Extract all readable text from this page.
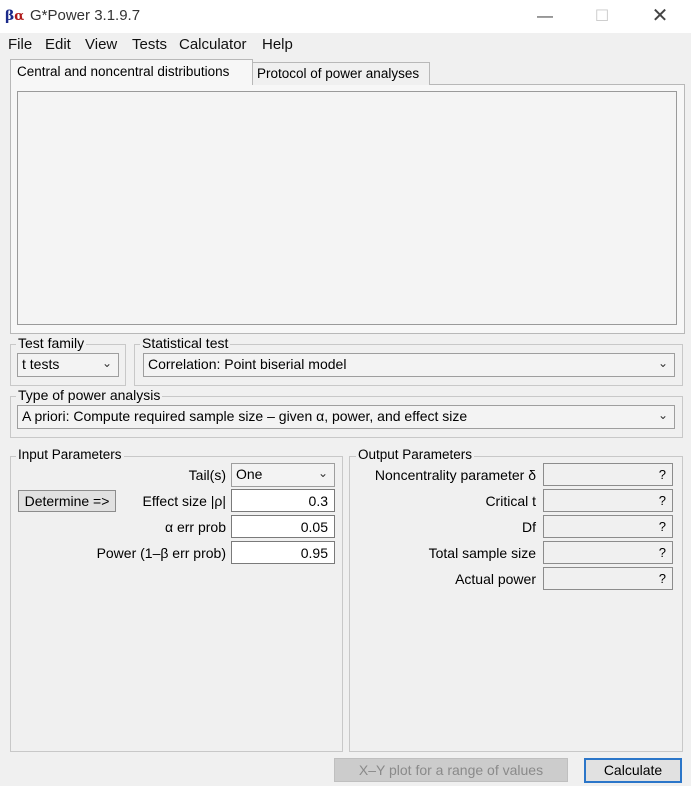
βα G*Power 3.1.9.7	—	☐	✕
File Edit View Tests Calculator Help
Central and noncentral distributions	Protocol of power analyses
Test family
t tests	⌄
Statistical test
Correlation: Point biserial model	⌄
Type of power analysis
A priori: Compute required sample size – given α, power, and effect size	⌄
Input Parameters
Tail(s) One	⌄
Determine =>	Effect size |ρ|	0.3
α err prob	0.05
Power (1–β err prob)	0.95
Output Parameters
Noncentrality parameter δ	?
Critical t	?
Df	?
Total sample size	?
Actual power	?
X–Y plot for a range of values	Calculate
